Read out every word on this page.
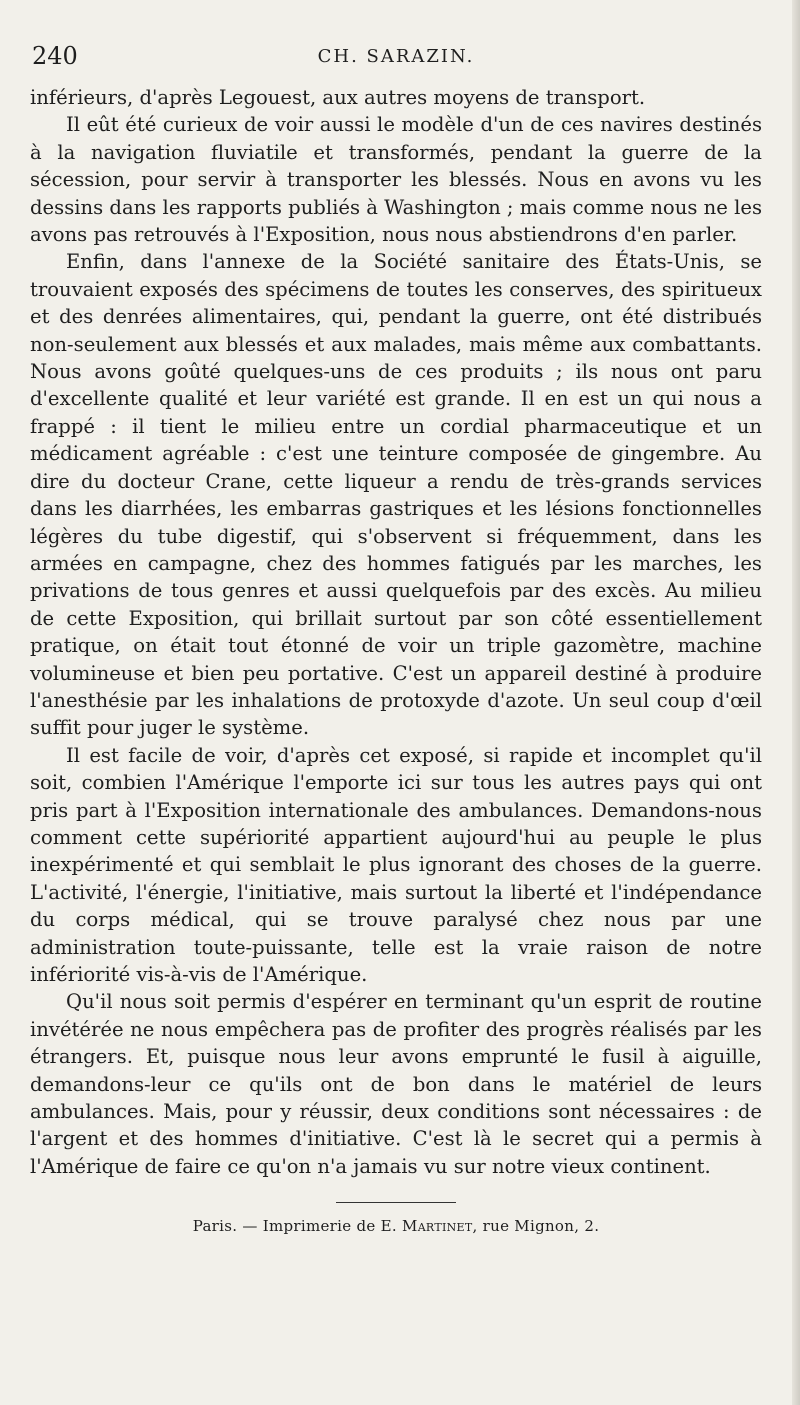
240	CH. SARAZIN.

inférieurs, d'après Legouest, aux autres moyens de transport.

Il eût été curieux de voir aussi le modèle d'un de ces navires destinés à la navigation fluviatile et transformés, pendant la guerre de la sécession, pour servir à transporter les blessés. Nous en avons vu les dessins dans les rapports publiés à Washington ; mais comme nous ne les avons pas retrouvés à l'Exposition, nous nous abstiendrons d'en parler.

Enfin, dans l'annexe de la Société sanitaire des États-Unis, se trouvaient exposés des spécimens de toutes les conserves, des spiritueux et des denrées alimentaires, qui, pendant la guerre, ont été distribués non-seulement aux blessés et aux malades, mais même aux combattants. Nous avons goûté quelques-uns de ces produits ; ils nous ont paru d'excellente qualité et leur variété est grande. Il en est un qui nous a frappé : il tient le milieu entre un cordial pharmaceutique et un médicament agréable : c'est une teinture composée de gingembre. Au dire du docteur Crane, cette liqueur a rendu de très-grands services dans les diarrhées, les embarras gastriques et les lésions fonctionnelles légères du tube digestif, qui s'observent si fréquemment, dans les armées en campagne, chez des hommes fatigués par les marches, les privations de tous genres et aussi quelquefois par des excès. Au milieu de cette Exposition, qui brillait surtout par son côté essentiellement pratique, on était tout étonné de voir un triple gazomètre, machine volumineuse et bien peu portative. C'est un appareil destiné à produire l'anesthésie par les inhalations de protoxyde d'azote. Un seul coup d'œil suffit pour juger le système.

Il est facile de voir, d'après cet exposé, si rapide et incomplet qu'il soit, combien l'Amérique l'emporte ici sur tous les autres pays qui ont pris part à l'Exposition internationale des ambulances. Demandons-nous comment cette supériorité appartient aujourd'hui au peuple le plus inexpérimenté et qui semblait le plus ignorant des choses de la guerre. L'activité, l'énergie, l'initiative, mais surtout la liberté et l'indépendance du corps médical, qui se trouve paralysé chez nous par une administration toute-puissante, telle est la vraie raison de notre infériorité vis-à-vis de l'Amérique.

Qu'il nous soit permis d'espérer en terminant qu'un esprit de routine invétérée ne nous empêchera pas de profiter des progrès réalisés par les étrangers. Et, puisque nous leur avons emprunté le fusil à aiguille, demandons-leur ce qu'ils ont de bon dans le matériel de leurs ambulances. Mais, pour y réussir, deux conditions sont nécessaires : de l'argent et des hommes d'initiative. C'est là le secret qui a permis à l'Amérique de faire ce qu'on n'a jamais vu sur notre vieux continent.

Paris. — Imprimerie de E. Martinet, rue Mignon, 2.
